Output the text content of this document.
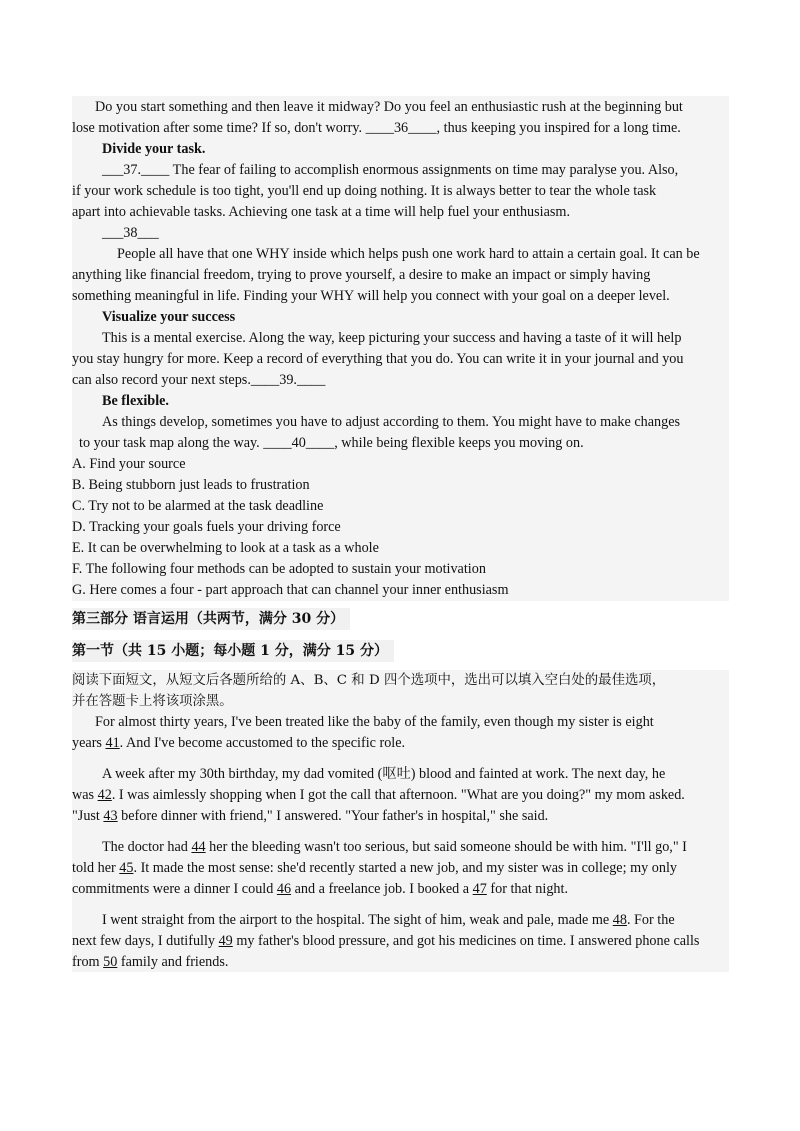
Do you start something and then leave it midway? Do you feel an enthusiastic rush at the beginning but
lose motivation after some time? If so, don't worry. ____36____, thus keeping you inspired for a long time.
Divide your task.
___37.____ The fear of failing to accomplish enormous assignments on time may paralyse you. Also,
if your work schedule is too tight, you'll end up doing nothing. It is always better to tear the whole task
apart into achievable tasks. Achieving one task at a time will help fuel your enthusiasm.
___38___
People all have that one WHY inside which helps push one work hard to attain a certain goal. It can be
anything like financial freedom, trying to prove yourself, a desire to make an impact or simply having
something meaningful in life. Finding your WHY will help you connect with your goal on a deeper level.
Visualize your success
This is a mental exercise. Along the way, keep picturing your success and having a taste of it will help
you stay hungry for more. Keep a record of everything that you do. You can write it in your journal and you
can also record your next steps.____39.____
Be flexible.
As things develop, sometimes you have to adjust according to them. You might have to make changes
to your task map along the way. ____40____, while being flexible keeps you moving on.
A. Find your source
B. Being stubborn just leads to frustration
C. Try not to be alarmed at the task deadline
D. Tracking your goals fuels your driving force
E. It can be overwhelming to look at a task as a whole
F. The following four methods can be adopted to sustain your motivation
G. Here comes a four - part approach that can channel your inner enthusiasm
第三部分 语言运用（共两节，满分 30 分）
第一节（共 15 小题；每小题 1 分，满分 15 分）
阅读下面短文，从短文后各题所给的 A、B、C 和 D 四个选项中，选出可以填入空白处的最佳选项，
并在答题卡上将该项涂黑。
For almost thirty years, I've been treated like the baby of the family, even though my sister is eight
years 41. And I've become accustomed to the specific role.
A week after my 30th birthday, my dad vomited (呕吐) blood and fainted at work. The next day, he
was 42. I was aimlessly shopping when I got the call that afternoon. "What are you doing?" my mom asked.
"Just 43 before dinner with friend," I answered. "Your father's in hospital," she said.
The doctor had 44 her the bleeding wasn't too serious, but said someone should be with him. "I'll go," I
told her 45. It made the most sense: she'd recently started a new job, and my sister was in college; my only
commitments were a dinner I could 46 and a freelance job. I booked a 47 for that night.
I went straight from the airport to the hospital. The sight of him, weak and pale, made me 48. For the
next few days, I dutifully 49 my father's blood pressure, and got his medicines on time. I answered phone calls
from 50 family and friends.
